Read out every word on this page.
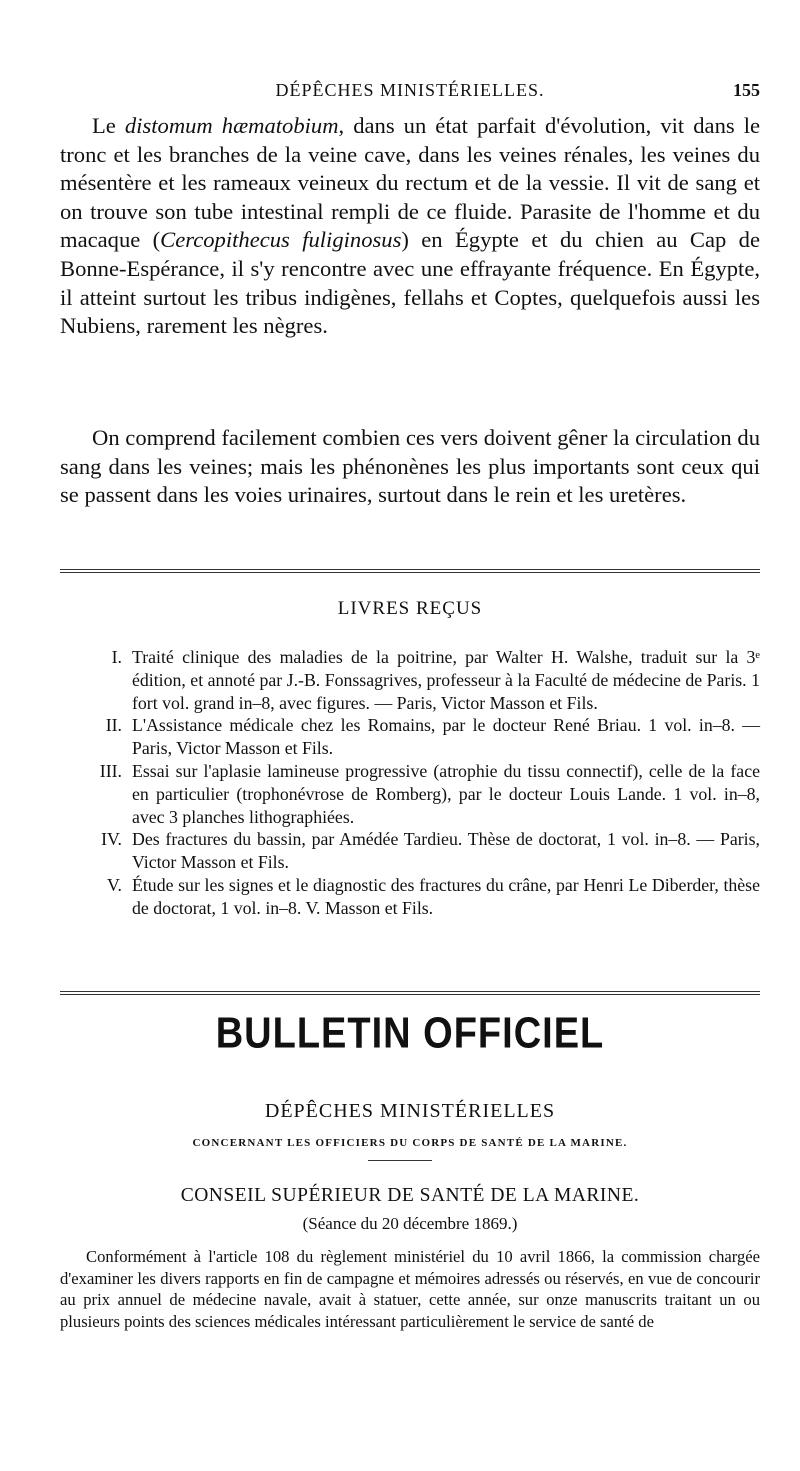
DÉPÊCHES MINISTÉRIELLES.	155

Le distomum hæmatobium, dans un état parfait d'évolution, vit dans le tronc et les branches de la veine cave, dans les veines rénales, les veines du mésentère et les rameaux veineux du rectum et de la vessie. Il vit de sang et on trouve son tube intestinal rempli de ce fluide. Parasite de l'homme et du macaque (Cercopithecus fuliginosus) en Égypte et du chien au Cap de Bonne-Espérance, il s'y rencontre avec une effrayante fréquence. En Égypte, il atteint surtout les tribus indigènes, fellahs et Coptes, quelquefois aussi les Nubiens, rarement les nègres.

On comprend facilement combien ces vers doivent gêner la circulation du sang dans les veines; mais les phénonènes les plus importants sont ceux qui se passent dans les voies urinaires, surtout dans le rein et les uretères.

LIVRES REÇUS
I. Traité clinique des maladies de la poitrine, par Walter H. Walshe, traduit sur la 3ᵉ édition, et annoté par J.-B. Fonssagrives, professeur à la Faculté de médecine de Paris. 1 fort vol. grand in–8, avec figures. — Paris, Victor Masson et Fils.
II. L'Assistance médicale chez les Romains, par le docteur René Briau. 1 vol. in–8. — Paris, Victor Masson et Fils.
III. Essai sur l'aplasie lamineuse progressive (atrophie du tissu connectif), celle de la face en particulier (trophonévrose de Romberg), par le docteur Louis Lande. 1 vol. in–8, avec 3 planches lithographiées.
IV. Des fractures du bassin, par Amédée Tardieu. Thèse de doctorat, 1 vol. in–8. — Paris, Victor Masson et Fils.
V. Étude sur les signes et le diagnostic des fractures du crâne, par Henri Le Diberder, thèse de doctorat, 1 vol. in–8. V. Masson et Fils.
BULLETIN OFFICIEL
DÉPÊCHES MINISTÉRIELLES
CONCERNANT LES OFFICIERS DU CORPS DE SANTÉ DE LA MARINE.
CONSEIL SUPÉRIEUR DE SANTÉ DE LA MARINE.
(Séance du 20 décembre 1869.)

Conformément à l'article 108 du règlement ministériel du 10 avril 1866, la commission chargée d'examiner les divers rapports en fin de campagne et mémoires adressés ou réservés, en vue de concourir au prix annuel de médecine navale, avait à statuer, cette année, sur onze manuscrits traitant un ou plusieurs points des sciences médicales intéressant particulièrement le service de santé de
